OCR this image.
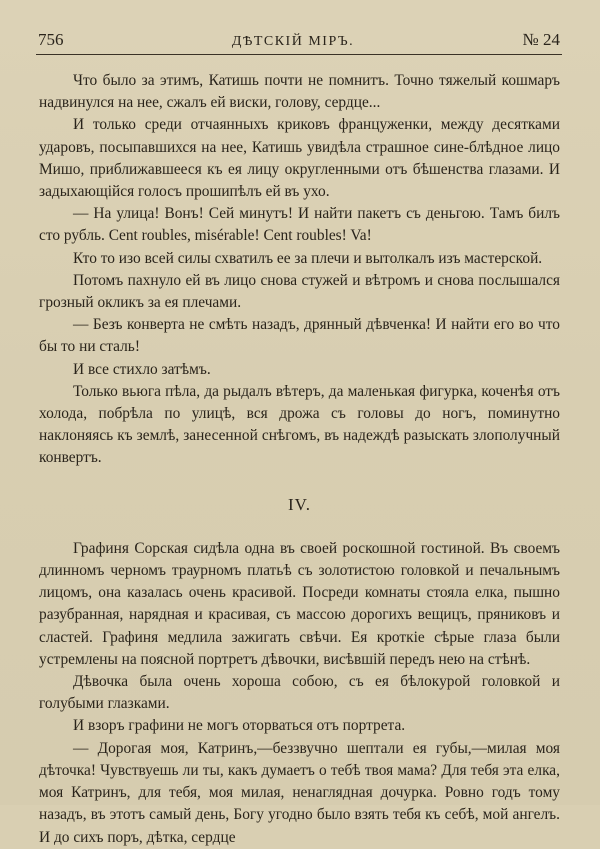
756	ДѢТСКІЙ МІРЪ.	№ 24

Что было за этимъ, Катишь почти не помнитъ. Точно тяжелый кошмаръ надвинулся на нее, сжалъ ей виски, голову, сердце...

И только среди отчаянныхъ криковъ француженки, между десятками ударовъ, посыпавшихся на нее, Катишь увидѣла страшное сине-блѣдное лицо Мишо, приближавшееся къ ея лицу округленными отъ бѣшенства глазами. И задыхающійся голосъ прошипѣлъ ей въ ухо.

— На улица! Вонъ! Сей минутъ! И найти пакетъ съ деньгою. Тамъ билъ сто рубль. Cent roubles, misérable! Cent roubles! Va!

Кто то изо всей силы схватилъ ее за плечи и вытолкалъ изъ мастерской.

Потомъ пахнуло ей въ лицо снова стужей и вѣтромъ и снова послышался грозный окликъ за ея плечами.

— Безъ конверта не смѣть назадъ, дрянный дѣвченка! И найти его во что бы то ни сталь!

И все стихло затѣмъ.

Только вьюга пѣла, да рыдалъ вѣтеръ, да маленькая фигурка, коченѣя отъ холода, побрѣла по улицѣ, вся дрожа съ головы до ногъ, поминутно наклоняясь къ землѣ, занесенной снѣгомъ, въ надеждѣ разыскать злополучный конвертъ.

IV.

Графиня Сорская сидѣла одна въ своей роскошной гостиной. Въ своемъ длинномъ черномъ траурномъ платьѣ съ золотистою головкой и печальнымъ лицомъ, она казалась очень красивой. Посреди комнаты стояла елка, пышно разубранная, нарядная и красивая, съ массою дорогихъ вещицъ, пряниковъ и сластей. Графиня медлила зажигать свѣчи. Ея кроткіе сѣрые глаза были устремлены на поясной портретъ дѣвочки, висѣвшій передъ нею на стѣнѣ.

Дѣвочка была очень хороша собою, съ ея бѣлокурой головкой и голубыми глазками.

И взоръ графини не могъ оторваться отъ портрета.

— Дорогая моя, Катринъ,—беззвучно шептали ея губы,—милая моя дѣточка! Чувствуешь ли ты, какъ думаетъ о тебѣ твоя мама? Для тебя эта елка, моя Катринъ, для тебя, моя милая, ненаглядная дочурка. Ровно годъ тому назадъ, въ этотъ самый день, Богу угодно было взять тебя къ себѣ, мой ангелъ. И до сихъ поръ, дѣтка, сердце
